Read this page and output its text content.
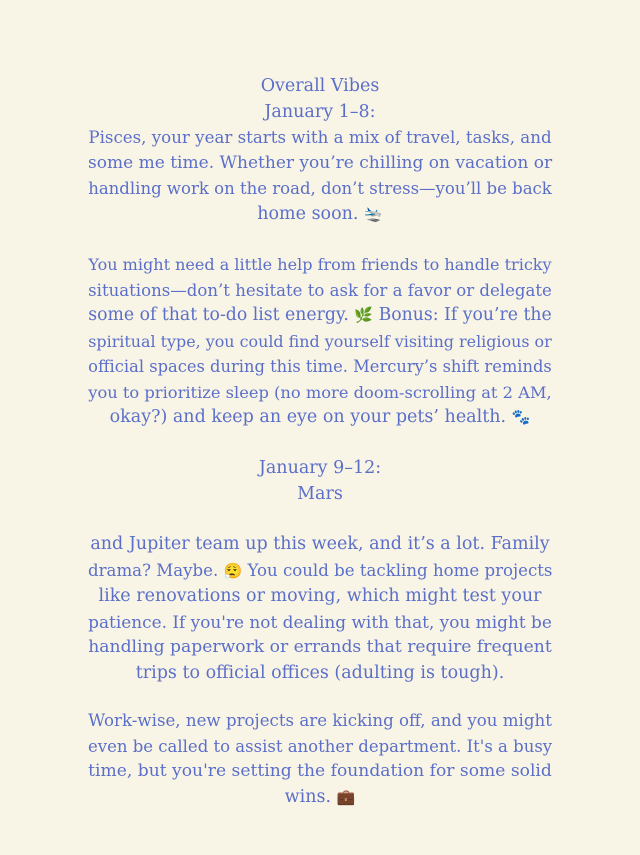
Overall Vibes
January 1–8:
Pisces, your year starts with a mix of travel, tasks, and
some me time. Whether you’re chilling on vacation or
handling work on the road, don’t stress—you’ll be back
home soon. 🛬
You might need a little help from friends to handle tricky
situations—don’t hesitate to ask for a favor or delegate
some of that to-do list energy. 🌿 Bonus: If you’re the
spiritual type, you could find yourself visiting religious or
official spaces during this time. Mercury’s shift reminds
you to prioritize sleep (no more doom-scrolling at 2 AM,
okay?) and keep an eye on your pets’ health. 🐾
January 9–12:
Mars
and Jupiter team up this week, and it’s a lot. Family
drama? Maybe. 😮‍💨 You could be tackling home projects
like renovations or moving, which might test your
patience. If you're not dealing with that, you might be
handling paperwork or errands that require frequent
trips to official offices (adulting is tough).
Work-wise, new projects are kicking off, and you might
even be called to assist another department. It's a busy
time, but you're setting the foundation for some solid
wins. 💼
